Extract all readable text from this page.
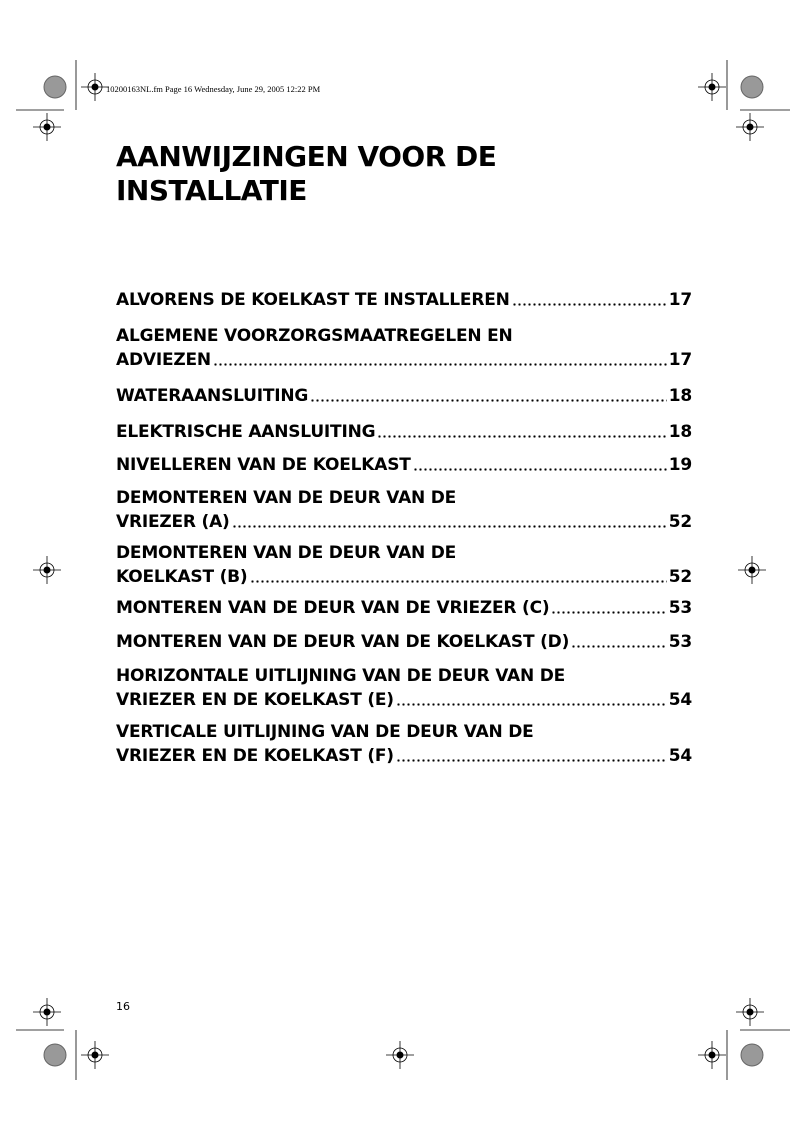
10200163NL.fm Page 16 Wednesday, June 29, 2005 12:22 PM
AANWIJZINGEN VOOR DE
INSTALLATIE
ALVORENS DE KOELKAST TE INSTALLEREN	17
ALGEMENE VOORZORGSMAATREGELEN EN
ADVIEZEN	17
WATERAANSLUITING	18
ELEKTRISCHE AANSLUITING	18
NIVELLEREN VAN DE KOELKAST	19
DEMONTEREN VAN DE DEUR VAN DE
VRIEZER (A)	52
DEMONTEREN VAN DE DEUR VAN DE
KOELKAST (B)	52
MONTEREN VAN DE DEUR VAN DE VRIEZER (C)	53
MONTEREN VAN DE DEUR VAN DE KOELKAST (D)	53
HORIZONTALE UITLIJNING VAN DE DEUR VAN DE
VRIEZER EN DE KOELKAST (E)	54
VERTICALE UITLIJNING VAN DE DEUR VAN DE
VRIEZER EN DE KOELKAST (F)	54
16
